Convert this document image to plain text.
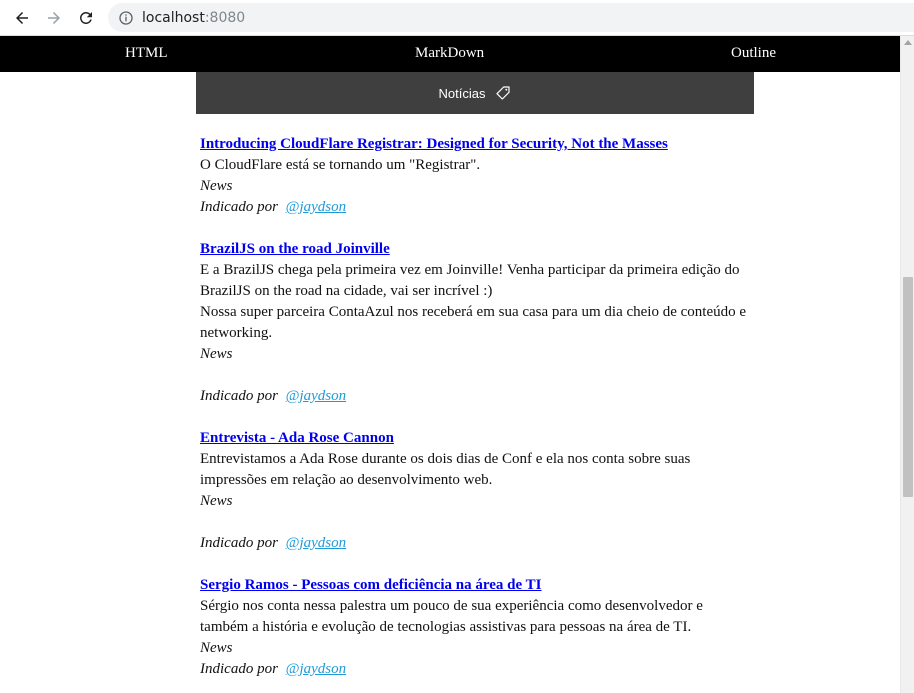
localhost:8080
HTML	MarkDown	Outline
Notícias
Introducing CloudFlare Registrar: Designed for Security, Not the Masses

O CloudFlare está se tornando um "Registrar".

News

Indicado por @jaydson

BrazilJS on the road Joinville

E a BrazilJS chega pela primeira vez em Joinville! Venha participar da primeira edição do BrazilJS on the road na cidade, vai ser incrível :)

Nossa super parceira ContaAzul nos receberá em sua casa para um dia cheio de conteúdo e networking.

News

Indicado por @jaydson

Entrevista - Ada Rose Cannon

Entrevistamos a Ada Rose durante os dois dias de Conf e ela nos conta sobre suas impressões em relação ao desenvolvimento web.

News

Indicado por @jaydson

Sergio Ramos - Pessoas com deficiência na área de TI

Sérgio nos conta nessa palestra um pouco de sua experiência como desenvolvedor e também a história e evolução de tecnologias assistivas para pessoas na área de TI.

News

Indicado por @jaydson
